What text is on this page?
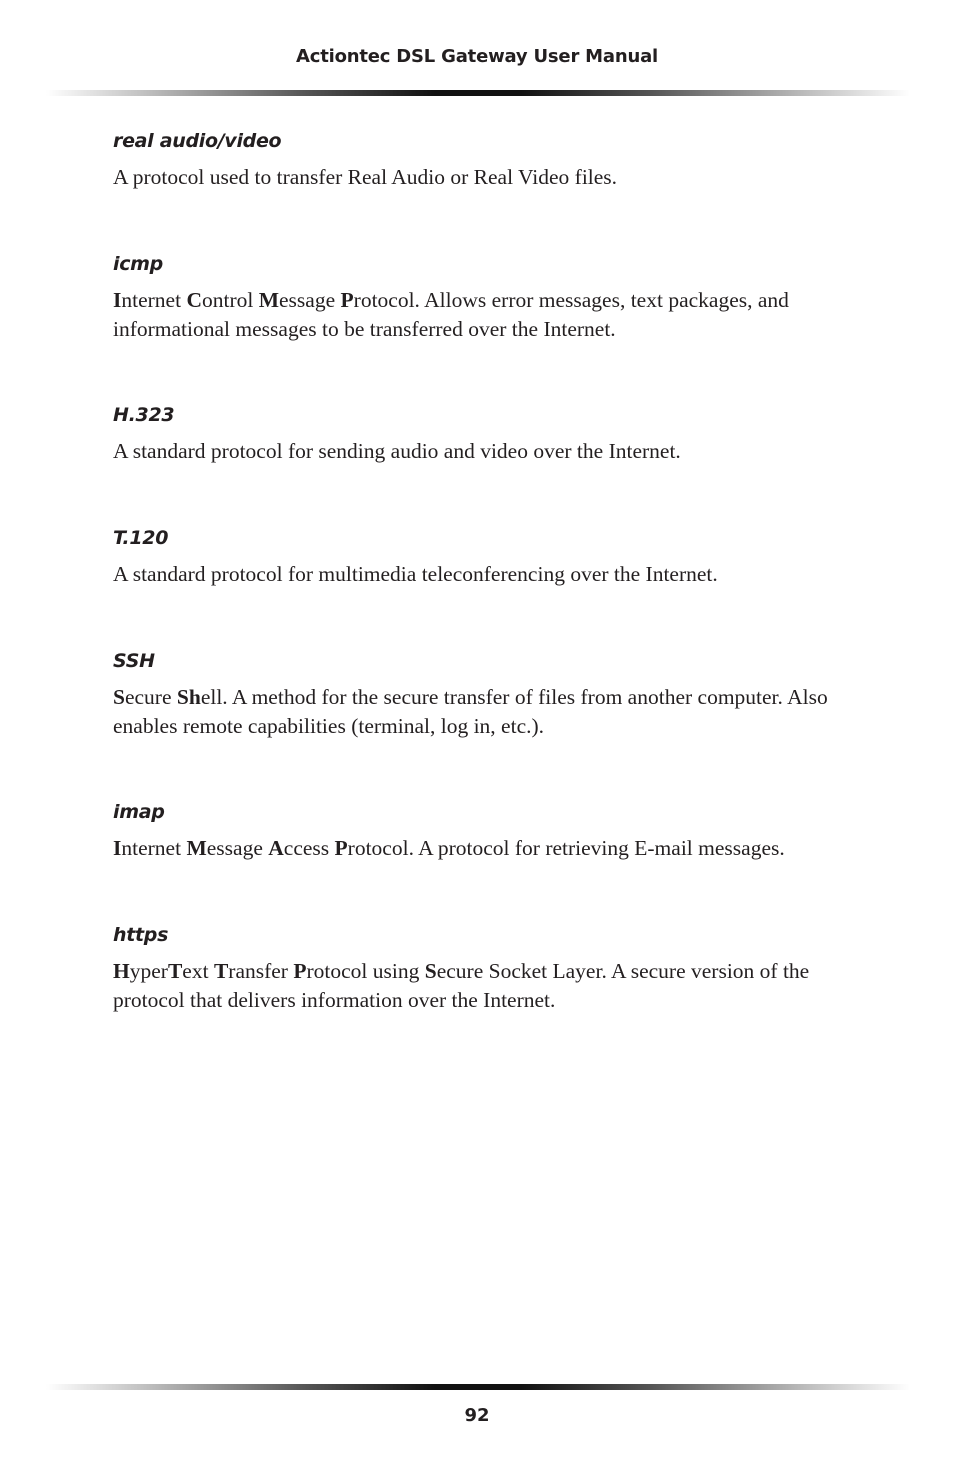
Actiontec DSL Gateway User Manual

real audio/video

A protocol used to transfer Real Audio or Real Video files.

icmp

Internet Control Message Protocol. Allows error messages, text packages, and informational messages to be transferred over the Internet.

H.323

A standard protocol for sending audio and video over the Internet.

T.120

A standard protocol for multimedia teleconferencing over the Internet.

SSH

Secure Shell. A method for the secure transfer of files from another computer. Also enables remote capabilities (terminal, log in, etc.).

imap

Internet Message Access Protocol. A protocol for retrieving E-mail messages.

https

HyperText Transfer Protocol using Secure Socket Layer. A secure version of the protocol that delivers information over the Internet.

92
